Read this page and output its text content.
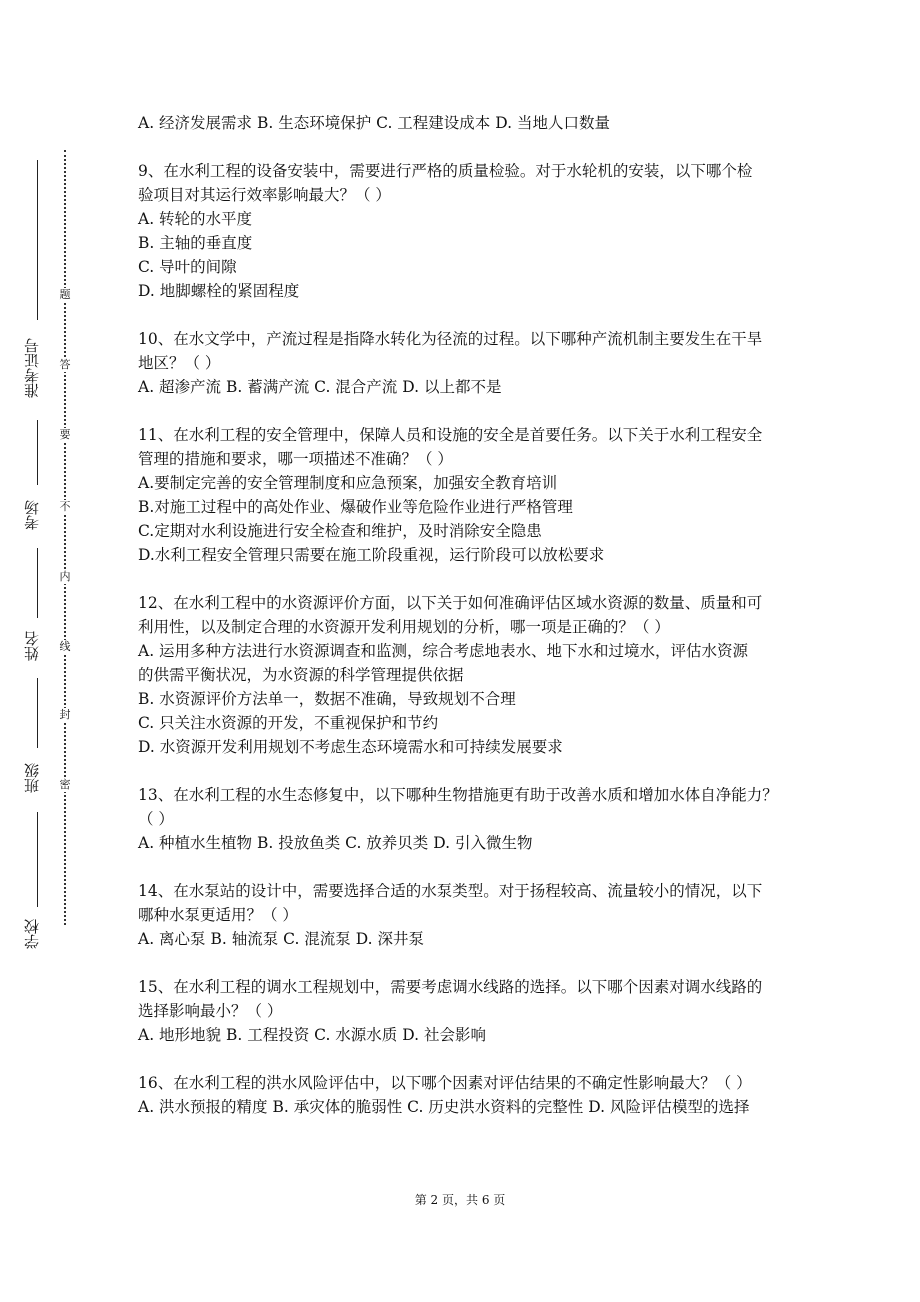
准考证号
考场
姓名
班级
学校
题
答
要
不
内
线
封
密
A. 经济发展需求 B. 生态环境保护 C. 工程建设成本 D. 当地人口数量
9、在水利工程的设备安装中，需要进行严格的质量检验。对于水轮机的安装，以下哪个检
验项目对其运行效率影响最大？（ ）
A. 转轮的水平度
B. 主轴的垂直度
C. 导叶的间隙
D. 地脚螺栓的紧固程度
10、在水文学中，产流过程是指降水转化为径流的过程。以下哪种产流机制主要发生在干旱
地区？（ ）
A. 超渗产流 B. 蓄满产流 C. 混合产流 D. 以上都不是
11、在水利工程的安全管理中，保障人员和设施的安全是首要任务。以下关于水利工程安全
管理的措施和要求，哪一项描述不准确？（ ）
A.要制定完善的安全管理制度和应急预案，加强安全教育培训
B.对施工过程中的高处作业、爆破作业等危险作业进行严格管理
C.定期对水利设施进行安全检查和维护，及时消除安全隐患
D.水利工程安全管理只需要在施工阶段重视，运行阶段可以放松要求
12、在水利工程中的水资源评价方面，以下关于如何准确评估区域水资源的数量、质量和可
利用性，以及制定合理的水资源开发利用规划的分析，哪一项是正确的？（ ）
A. 运用多种方法进行水资源调查和监测，综合考虑地表水、地下水和过境水，评估水资源
的供需平衡状况，为水资源的科学管理提供依据
B. 水资源评价方法单一，数据不准确，导致规划不合理
C. 只关注水资源的开发，不重视保护和节约
D. 水资源开发利用规划不考虑生态环境需水和可持续发展要求
13、在水利工程的水生态修复中，以下哪种生物措施更有助于改善水质和增加水体自净能力？
（ ）
A. 种植水生植物 B. 投放鱼类 C. 放养贝类 D. 引入微生物
14、在水泵站的设计中，需要选择合适的水泵类型。对于扬程较高、流量较小的情况，以下
哪种水泵更适用？（ ）
A. 离心泵 B. 轴流泵 C. 混流泵 D. 深井泵
15、在水利工程的调水工程规划中，需要考虑调水线路的选择。以下哪个因素对调水线路的
选择影响最小？（ ）
A. 地形地貌 B. 工程投资 C. 水源水质 D. 社会影响
16、在水利工程的洪水风险评估中，以下哪个因素对评估结果的不确定性影响最大？（ ）
A. 洪水预报的精度 B. 承灾体的脆弱性 C. 历史洪水资料的完整性 D. 风险评估模型的选择
第 2 页，共 6 页
